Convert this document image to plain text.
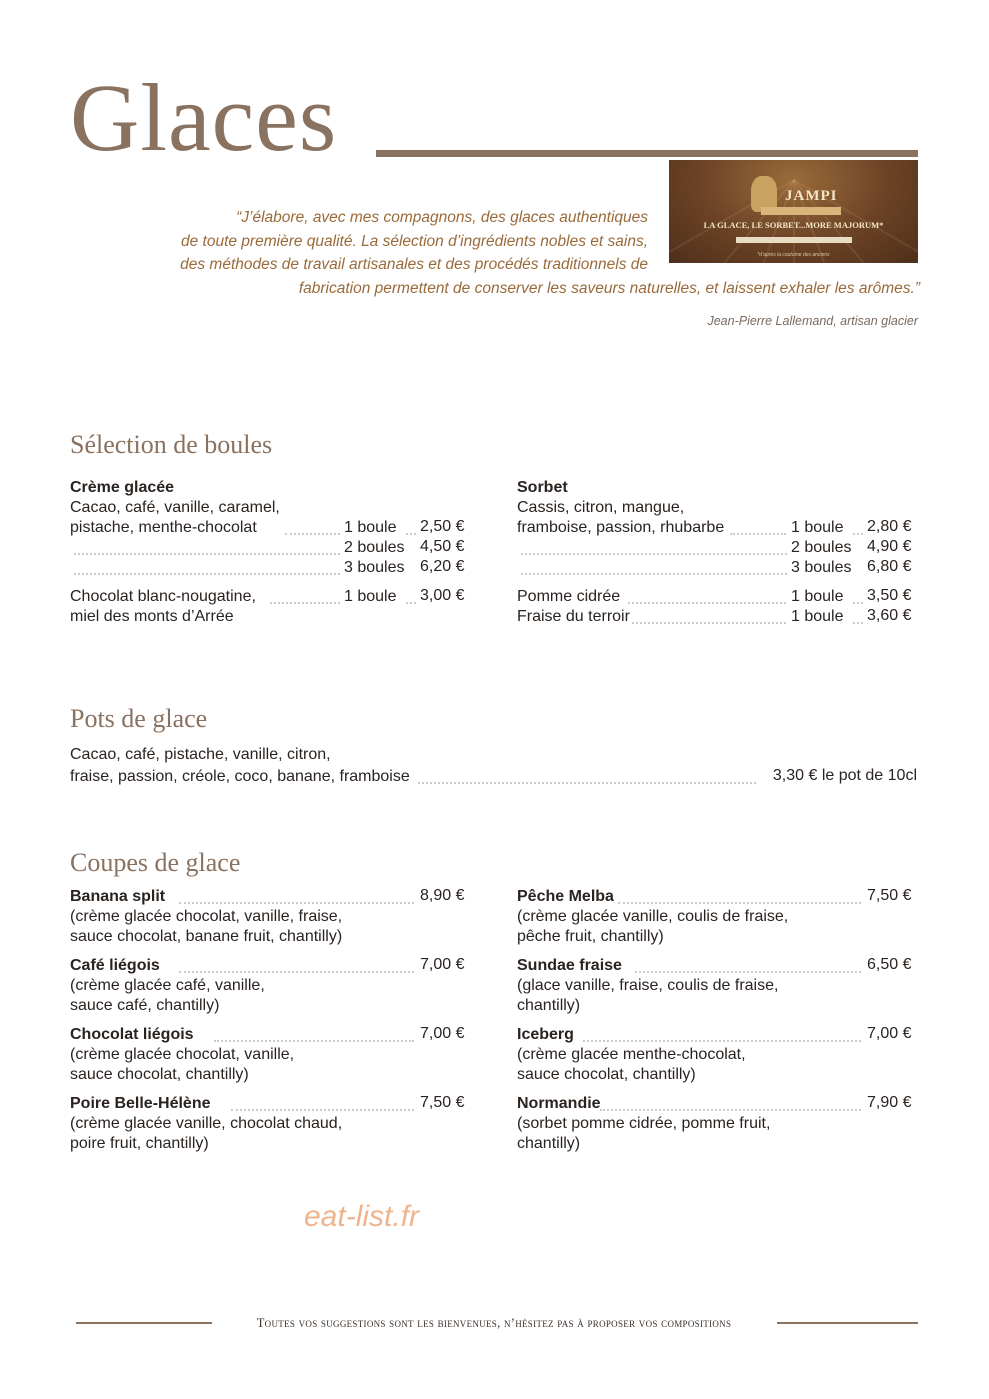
Glaces
JAMPI
LA GLACE, LE SORBET...MORE MAJORUM*
*d’après la coutume des anciens
“J’élabore, avec mes compagnons, des glaces authentiques
de toute première qualité. La sélection d’ingrédients nobles et sains,
des méthodes de travail artisanales et des procédés traditionnels de
fabrication permettent de conserver les saveurs naturelles, et laissent exhaler les arômes.”
Jean-Pierre Lallemand, artisan glacier
Sélection de boules
Crème glacée
Cacao, café, vanille, caramel,
pistache, menthe-chocolat	1 boule 2,50 €
2 boules 4,50 €
3 boules 6,20 €
Chocolat blanc-nougatine,	1 boule 3,00 €
miel des monts d’Arrée
Sorbet
Cassis, citron, mangue,
framboise, passion, rhubarbe	1 boule 2,80 €
2 boules 4,90 €
3 boules 6,80 €
Pomme cidrée	1 boule 3,50 €
Fraise du terroir	1 boule 3,60 €
Pots de glace
Cacao, café, pistache, vanille, citron,
fraise, passion, créole, coco, banane, framboise	3,30 € le pot de 10cl
Coupes de glace
Banana split	8,90 €
(crème glacée chocolat, vanille, fraise,
sauce chocolat, banane fruit, chantilly)
Café liégois	7,00 €
(crème glacée café, vanille,
sauce café, chantilly)
Chocolat liégois	7,00 €
(crème glacée chocolat, vanille,
sauce chocolat, chantilly)
Poire Belle-Hélène	7,50 €
(crème glacée vanille, chocolat chaud,
poire fruit, chantilly)
Pêche Melba	7,50 €
(crème glacée vanille, coulis de fraise,
pêche fruit, chantilly)
Sundae fraise	6,50 €
(glace vanille, fraise, coulis de fraise,
chantilly)
Iceberg	7,00 €
(crème glacée menthe-chocolat,
sauce chocolat, chantilly)
Normandie	7,90 €
(sorbet pomme cidrée, pomme fruit,
chantilly)
eat-list.fr
Toutes vos suggestions sont les bienvenues, n’hésitez pas à proposer vos compositions
